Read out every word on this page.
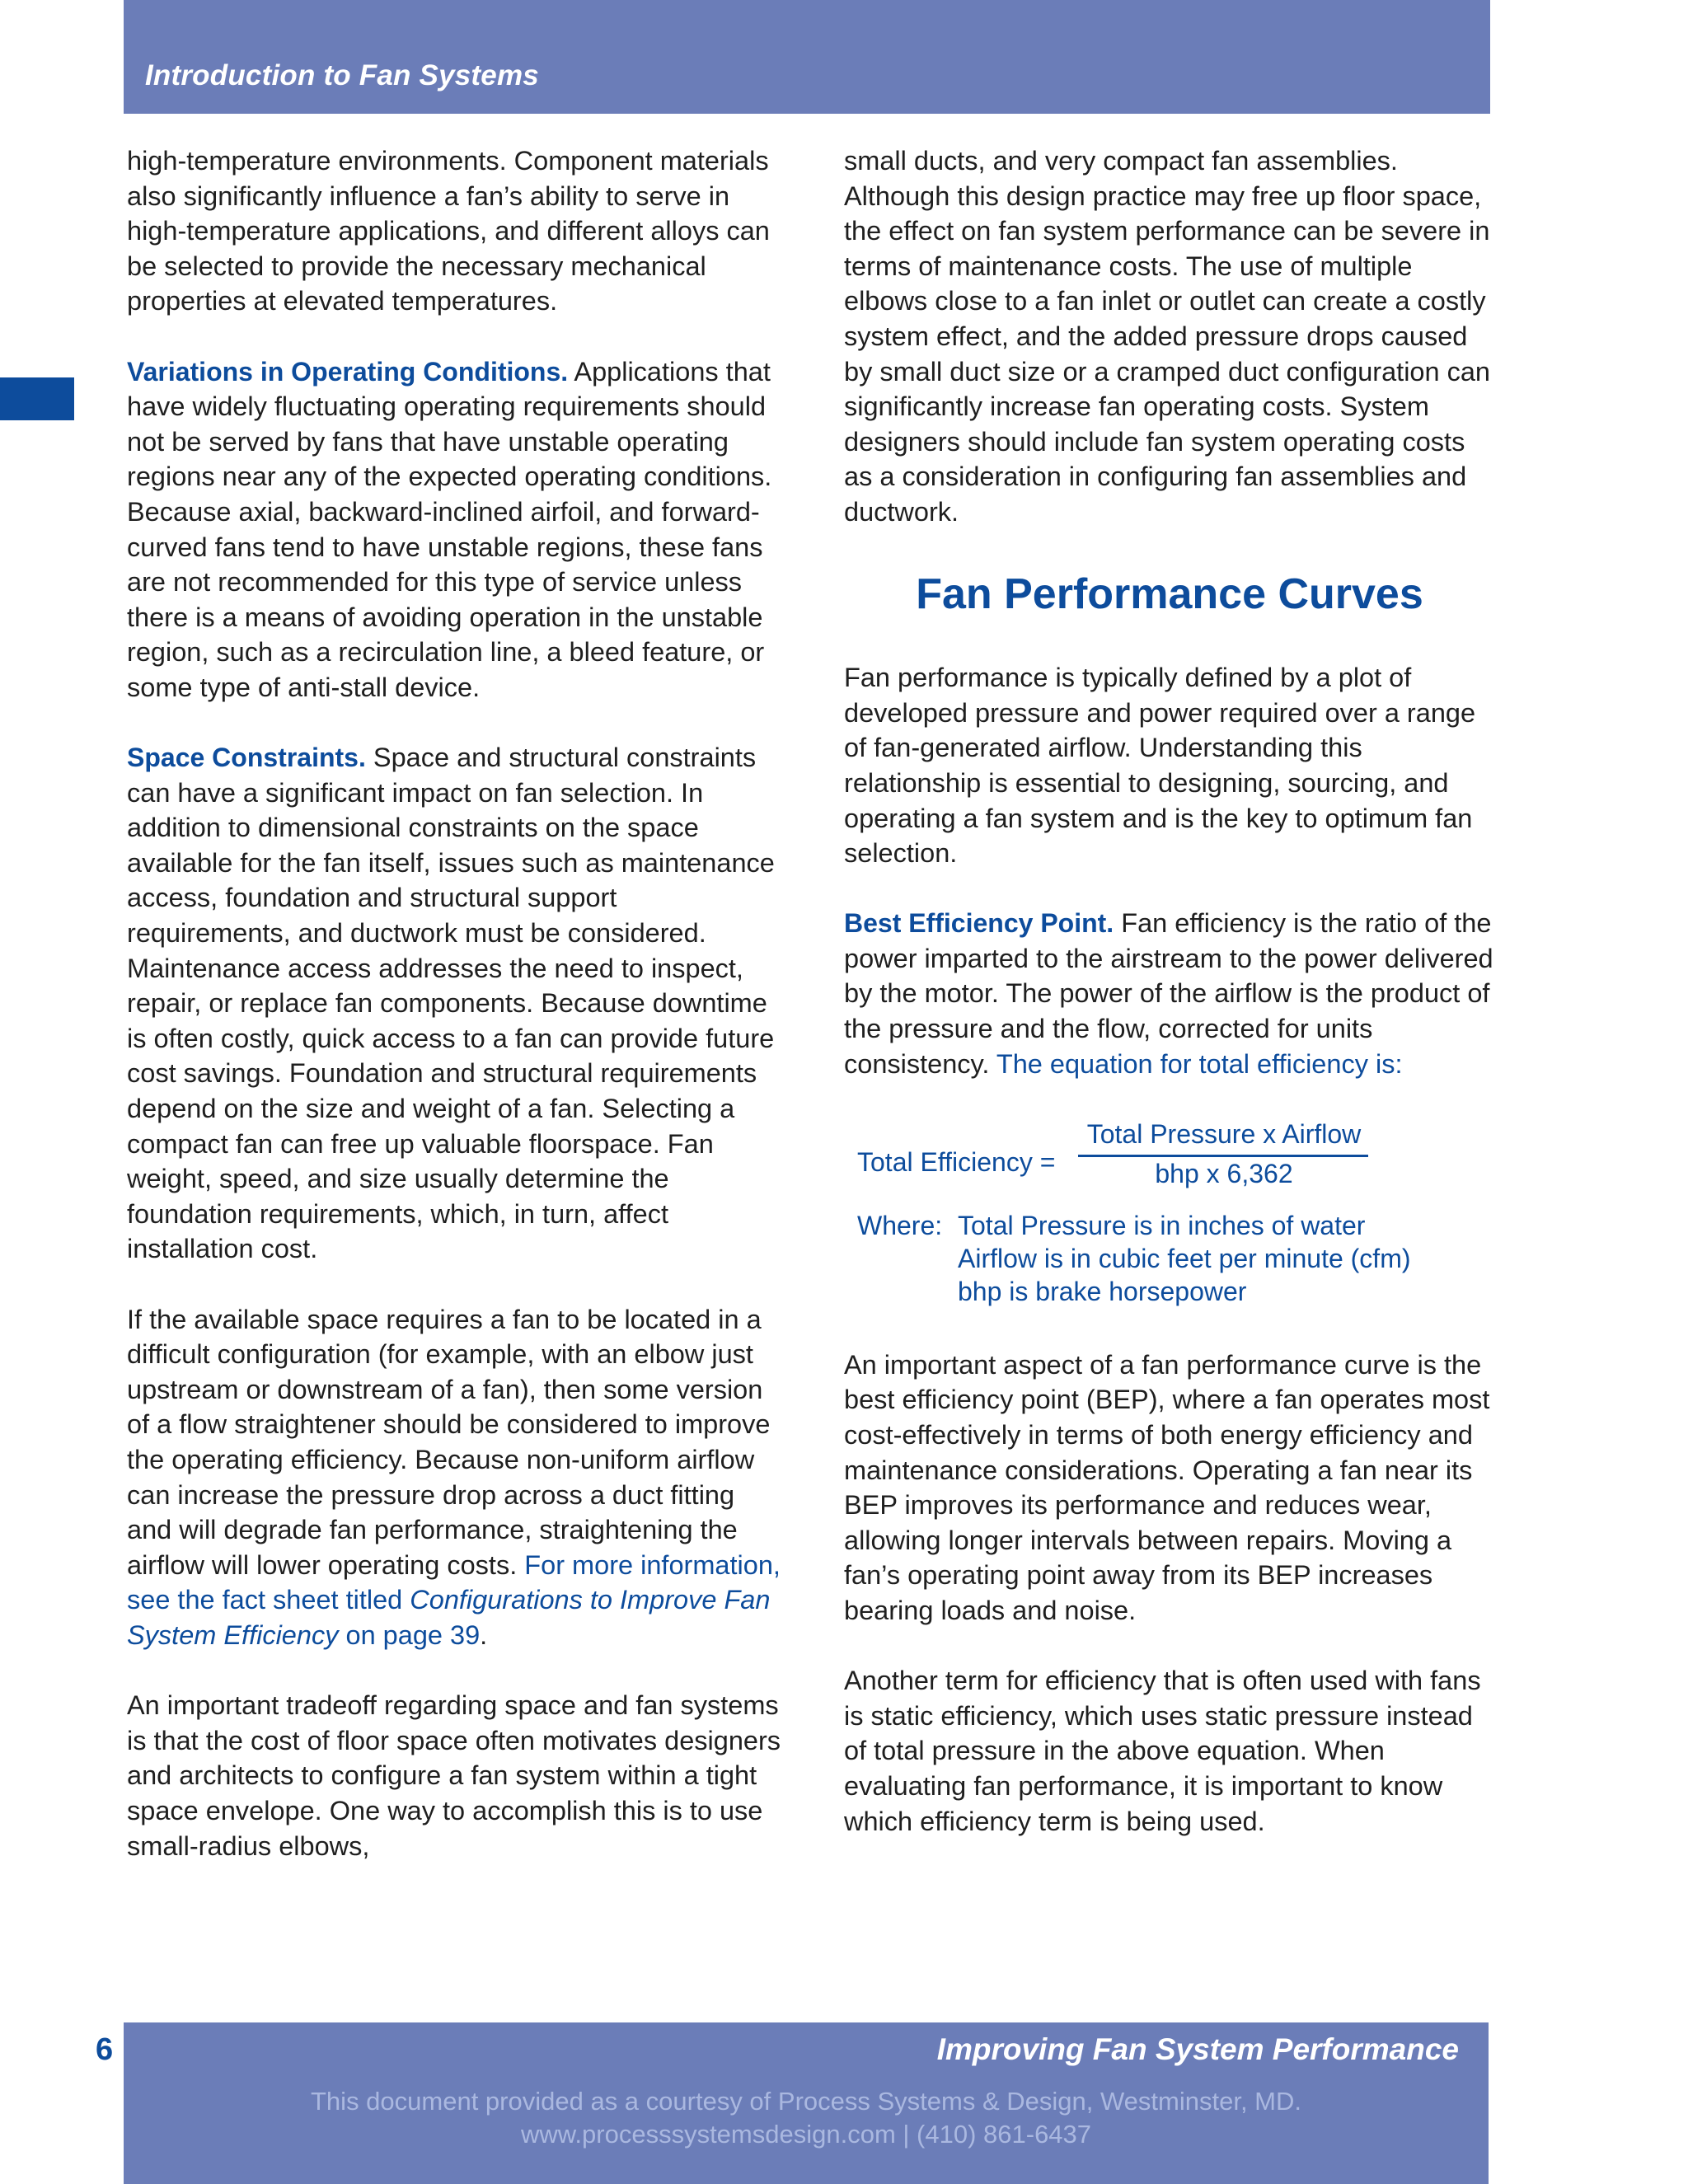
Introduction to Fan Systems

high-temperature environments. Component materials also significantly influence a fan’s ability to serve in high-temperature applications, and different alloys can be selected to provide the necessary mechanical properties at elevated temperatures.

Variations in Operating Conditions. Applications that have widely fluctuating operating requirements should not be served by fans that have unstable operating regions near any of the expected operating conditions. Because axial, backward-inclined airfoil, and forward-curved fans tend to have unstable regions, these fans are not recommended for this type of service unless there is a means of avoiding operation in the unstable region, such as a recirculation line, a bleed feature, or some type of anti-stall device.

Space Constraints. Space and structural constraints can have a significant impact on fan selection. In addition to dimensional constraints on the space available for the fan itself, issues such as maintenance access, foundation and structural support requirements, and ductwork must be considered. Maintenance access addresses the need to inspect, repair, or replace fan components. Because downtime is often costly, quick access to a fan can provide future cost savings. Foundation and structural requirements depend on the size and weight of a fan. Selecting a compact fan can free up valuable floorspace. Fan weight, speed, and size usually determine the foundation requirements, which, in turn, affect installation cost.

If the available space requires a fan to be located in a difficult configuration (for example, with an elbow just upstream or downstream of a fan), then some version of a flow straightener should be considered to improve the operating efficiency. Because non-uniform airflow can increase the pressure drop across a duct fitting and will degrade fan performance, straightening the airflow will lower operating costs. For more information, see the fact sheet titled Configurations to Improve Fan System Efficiency on page 39.

An important tradeoff regarding space and fan systems is that the cost of floor space often motivates designers and architects to configure a fan system within a tight space envelope. One way to accomplish this is to use small-radius elbows,

small ducts, and very compact fan assemblies. Although this design practice may free up floor space, the effect on fan system performance can be severe in terms of maintenance costs. The use of multiple elbows close to a fan inlet or outlet can create a costly system effect, and the added pressure drops caused by small duct size or a cramped duct configuration can significantly increase fan operating costs. System designers should include fan system operating costs as a consideration in configuring fan assemblies and ductwork.

Fan Performance Curves

Fan performance is typically defined by a plot of developed pressure and power required over a range of fan-generated airflow. Understanding this relationship is essential to designing, sourcing, and operating a fan system and is the key to optimum fan selection.

Best Efficiency Point. Fan efficiency is the ratio of the power imparted to the airstream to the power delivered by the motor. The power of the airflow is the product of the pressure and the flow, corrected for units consistency. The equation for total efficiency is:

Total Efficiency =
Total Pressure x Airflow
bhp x 6,362
Where: Total Pressure is in inches of water
Airflow is in cubic feet per minute (cfm)
bhp is brake horsepower

An important aspect of a fan performance curve is the best efficiency point (BEP), where a fan operates most cost-effectively in terms of both energy efficiency and maintenance considerations. Operating a fan near its BEP improves its performance and reduces wear, allowing longer intervals between repairs. Moving a fan’s operating point away from its BEP increases bearing loads and noise.

Another term for efficiency that is often used with fans is static efficiency, which uses static pressure instead of total pressure in the above equation. When evaluating fan performance, it is important to know which efficiency term is being used.

6	Improving Fan System Performance
This document provided as a courtesy of Process Systems & Design, Westminster, MD.
www.processsystemsdesign.com | (410) 861-6437
